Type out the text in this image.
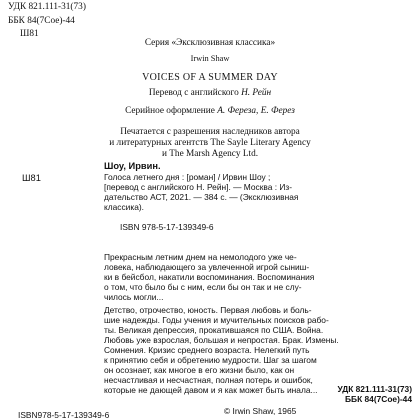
УДК 821.111-31(73)
ББК 84(7Сое)-44
Ш81
Серия «Эксклюзивная классика»
Irwin Shaw
VOICES OF A SUMMER DAY
Перевод с английского Н. Рейн
Серийное оформление А. Фереза, Е. Ферез
Печатается с разрешения наследников автора
и литературных агентств The Sayle Literary Agency
и The Marsh Agency Ltd.
Шоу, Ирвин.
Ш81	Голоса летнего дня : [роман] / Ирвин Шоу ;
[перевод с английского Н. Рейн]. — Москва : Из-
дательство АСТ, 2021. — 384 с. — (Эксклюзивная
классика).
ISBN 978-5-17-139349-6
Прекрасным летним днем на немолодого уже че-
ловека, наблюдающего за увлеченной игрой сыниш-
ки в бейсбол, накатили воспоминания. Воспоминания
о том, что было бы с ним, если бы он так и не слу-
чилось могли...
Детство, отрочество, юность. Первая любовь и боль-
шие надежды. Годы учения и мучительных поисков рабо-
ты. Великая депрессия, прокатившаяся по США. Война.
Любовь уже взрослая, большая и непростая. Брак. Измены.
Сомнения. Кризис среднего возраста. Нелегкий путь
к принятию себя и обретению мудрости. Шаг за шагом
он осознает, как многое в его жизни было, как он
несчастливая и несчастная, полная потерь и ошибок,
которые не дающей давом и я как может быть инала...	УДК 821.111-31(73)
ББК 84(7Сое)-44
© Irwin Shaw, 1965
ISBN978-5-17-139349-6
